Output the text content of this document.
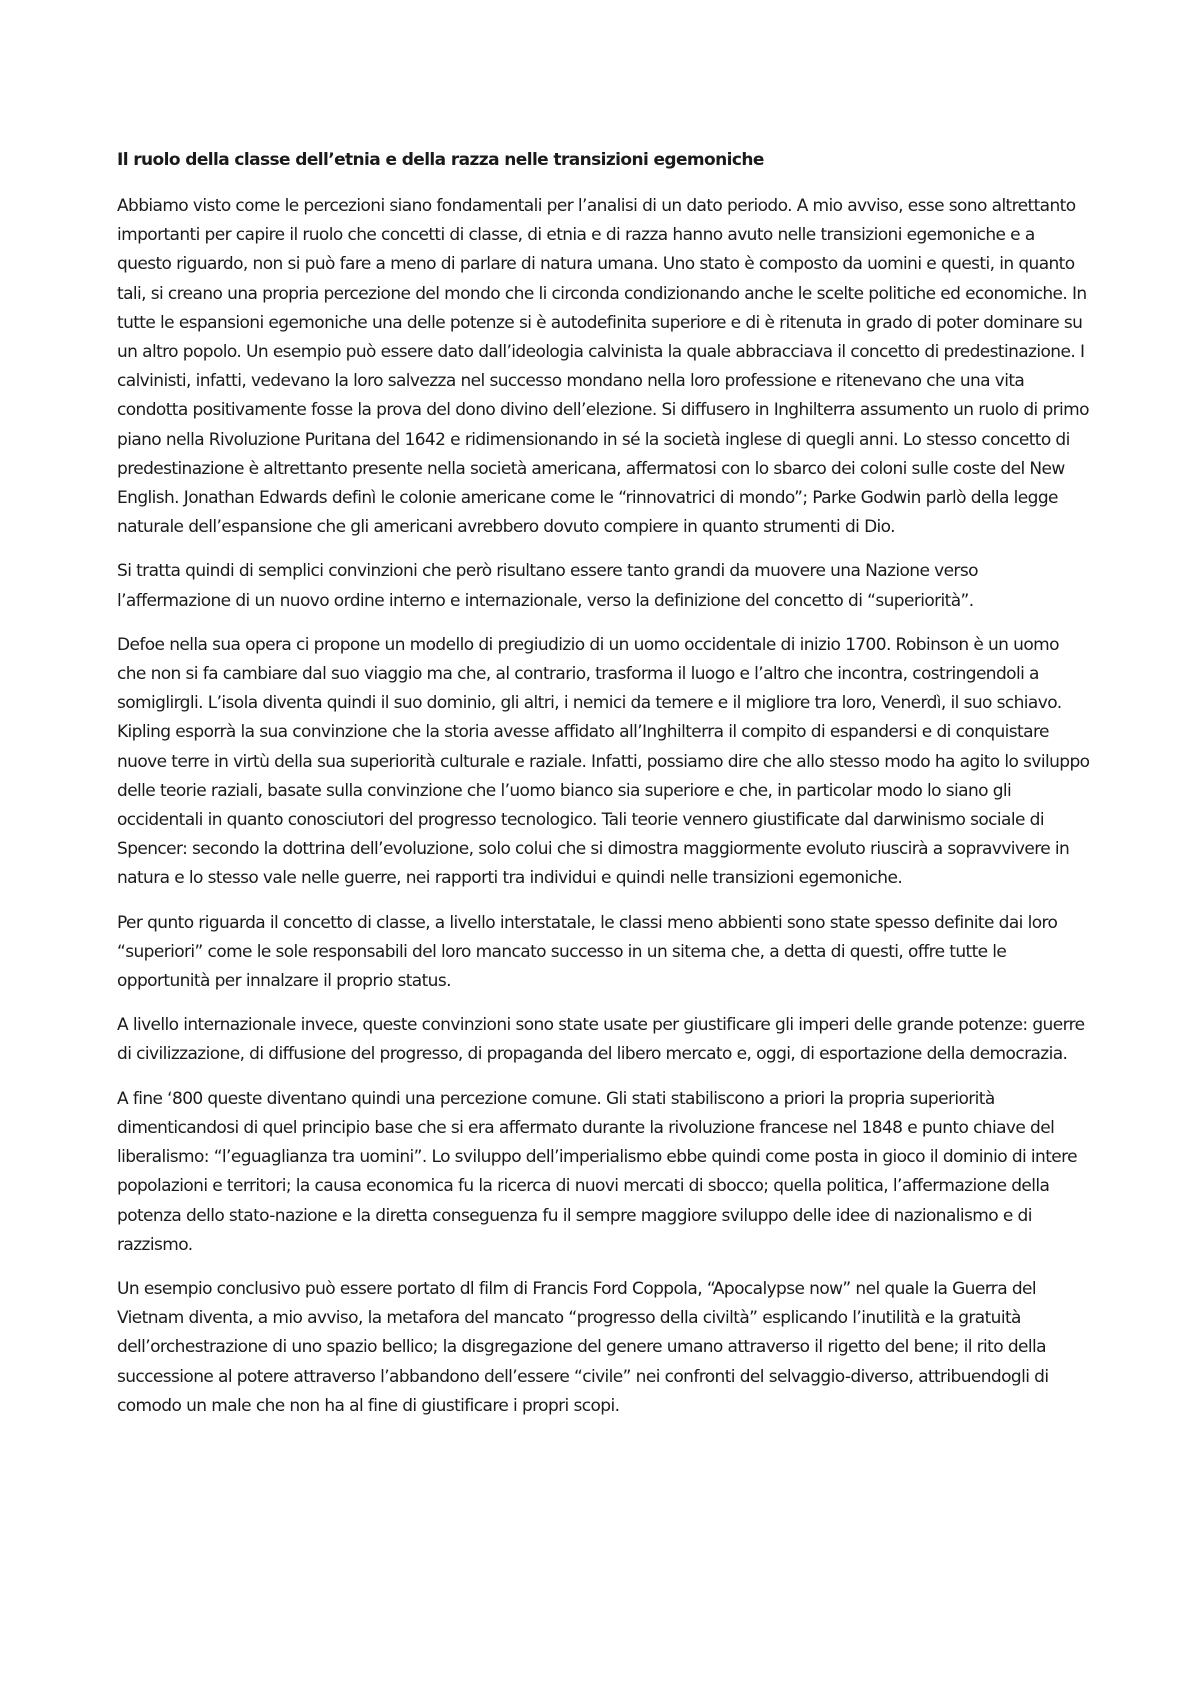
Il ruolo della classe dell’etnia e della razza nelle transizioni egemoniche

Abbiamo visto come le percezioni siano fondamentali per l’analisi di un dato periodo. A mio avviso, esse sono altrettanto importanti per capire il ruolo che concetti di classe, di etnia e di razza hanno avuto nelle transizioni egemoniche e a questo riguardo, non si può fare a meno di parlare di natura umana. Uno stato è composto da uomini e questi, in quanto tali, si creano una propria percezione del mondo che li circonda condizionando anche le scelte politiche ed economiche. In tutte le espansioni egemoniche una delle potenze si è autodefinita superiore e di è ritenuta in grado di poter dominare su un altro popolo. Un esempio può essere dato dall’ideologia calvinista la quale abbracciava il concetto di predestinazione. I calvinisti, infatti, vedevano la loro salvezza nel successo mondano nella loro professione e ritenevano che una vita condotta positivamente fosse la prova del dono divino dell’elezione. Si diffusero in Inghilterra assumento un ruolo di primo piano nella Rivoluzione Puritana del 1642 e ridimensionando in sé la società inglese di quegli anni. Lo stesso concetto di predestinazione è altrettanto presente nella società americana, affermatosi con lo sbarco dei coloni sulle coste del New English. Jonathan Edwards definì le colonie americane come le “rinnovatrici di mondo”; Parke Godwin parlò della legge naturale dell’espansione che gli americani avrebbero dovuto compiere in quanto strumenti di Dio.

Si tratta quindi di semplici convinzioni che però risultano essere tanto grandi da muovere una Nazione verso l’affermazione di un nuovo ordine interno e internazionale, verso la definizione del concetto di “superiorità”.

Defoe nella sua opera ci propone un modello di pregiudizio di un uomo occidentale di inizio 1700. Robinson è un uomo che non si fa cambiare dal suo viaggio ma che, al contrario, trasforma il luogo e l’altro che incontra, costringendoli a somiglirgli. L’isola diventa quindi il suo dominio, gli altri, i nemici da temere e il migliore tra loro, Venerdì, il suo schiavo. Kipling esporrà la sua convinzione che la storia avesse affidato all’Inghilterra il compito di espandersi e di conquistare nuove terre in virtù della sua superiorità culturale e raziale. Infatti, possiamo dire che allo stesso modo ha agito lo sviluppo delle teorie raziali, basate sulla convinzione che l’uomo bianco sia superiore e che, in particolar modo lo siano gli occidentali in quanto conosciutori del progresso tecnologico. Tali teorie vennero giustificate dal darwinismo sociale di Spencer: secondo la dottrina dell’evoluzione, solo colui che si dimostra maggiormente evoluto riuscirà a sopravvivere in natura e lo stesso vale nelle guerre, nei rapporti tra individui e quindi nelle transizioni egemoniche.

Per qunto riguarda il concetto di classe, a livello interstatale, le classi meno abbienti sono state spesso definite dai loro “superiori” come le sole responsabili del loro mancato successo in un sitema che, a detta di questi, offre tutte le opportunità per innalzare il proprio status.

A livello internazionale invece, queste convinzioni sono state usate per giustificare gli imperi delle grande potenze: guerre di civilizzazione, di diffusione del progresso, di propaganda del libero mercato e, oggi, di esportazione della democrazia.

A fine ‘800 queste diventano quindi una percezione comune. Gli stati stabiliscono a priori la propria superiorità dimenticandosi di quel principio base che si era affermato durante la rivoluzione francese nel 1848 e punto chiave del liberalismo: “l’eguaglianza tra uomini”. Lo sviluppo dell’imperialismo ebbe quindi come posta in gioco il dominio di intere popolazioni e territori; la causa economica fu la ricerca di nuovi mercati di sbocco; quella politica, l’affermazione della potenza dello stato-nazione e la diretta conseguenza fu il sempre maggiore sviluppo delle idee di nazionalismo e di razzismo.

Un esempio conclusivo può essere portato dl film di Francis Ford Coppola, “Apocalypse now” nel quale la Guerra del Vietnam diventa, a mio avviso, la metafora del mancato “progresso della civiltà” esplicando l’inutilità e la gratuità dell’orchestrazione di uno spazio bellico; la disgregazione del genere umano attraverso il rigetto del bene; il rito della successione al potere attraverso l’abbandono dell’essere “civile” nei confronti del selvaggio-diverso, attribuendogli di comodo un male che non ha al fine di giustificare i propri scopi.
